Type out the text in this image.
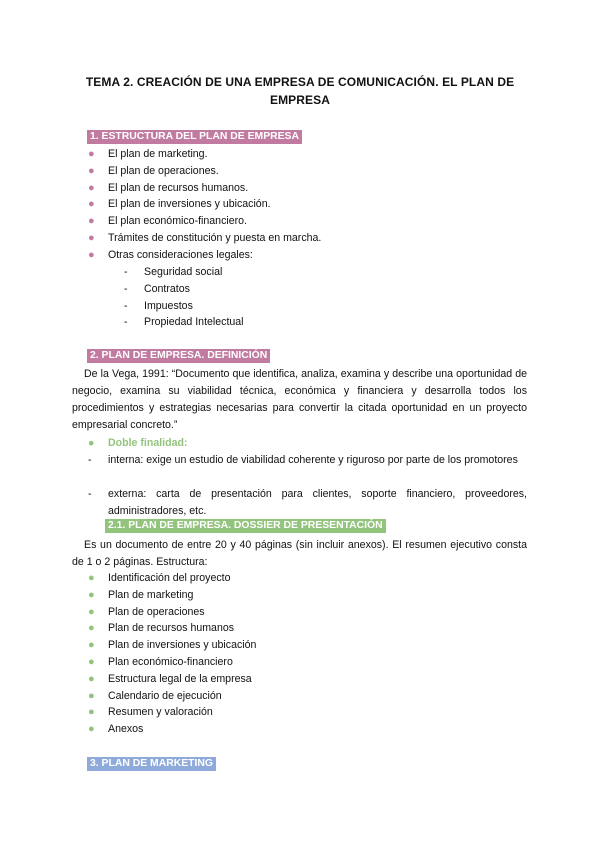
TEMA 2. CREACIÓN DE UNA EMPRESA DE COMUNICACIÓN. EL PLAN DE EMPRESA
1. ESTRUCTURA DEL PLAN DE EMPRESA
● El plan de marketing.
● El plan de operaciones.
● El plan de recursos humanos.
● El plan de inversiones y ubicación.
● El plan económico-financiero.
● Trámites de constitución y puesta en marcha.
● Otras consideraciones legales:
- Seguridad social
- Contratos
- Impuestos
- Propiedad Intelectual
2. PLAN DE EMPRESA. DEFINICIÓN
De la Vega, 1991: “Documento que identifica, analiza, examina y describe una oportunidad de negocio, examina su viabilidad técnica, económica y financiera y desarrolla todos los procedimientos y estrategias necesarias para convertir la citada oportunidad en un proyecto empresarial concreto.”
● Doble finalidad:
- interna: exige un estudio de viabilidad coherente y riguroso por parte de los promotores
- externa: carta de presentación para clientes, soporte financiero, proveedores, administradores, etc.
2.1. PLAN DE EMPRESA. DOSSIER DE PRESENTACIÓN
Es un documento de entre 20 y 40 páginas (sin incluir anexos). El resumen ejecutivo consta de 1 o 2 páginas. Estructura:
● Identificación del proyecto
● Plan de marketing
● Plan de operaciones
● Plan de recursos humanos
● Plan de inversiones y ubicación
● Plan económico-financiero
● Estructura legal de la empresa
● Calendario de ejecución
● Resumen y valoración
● Anexos
3. PLAN DE MARKETING
